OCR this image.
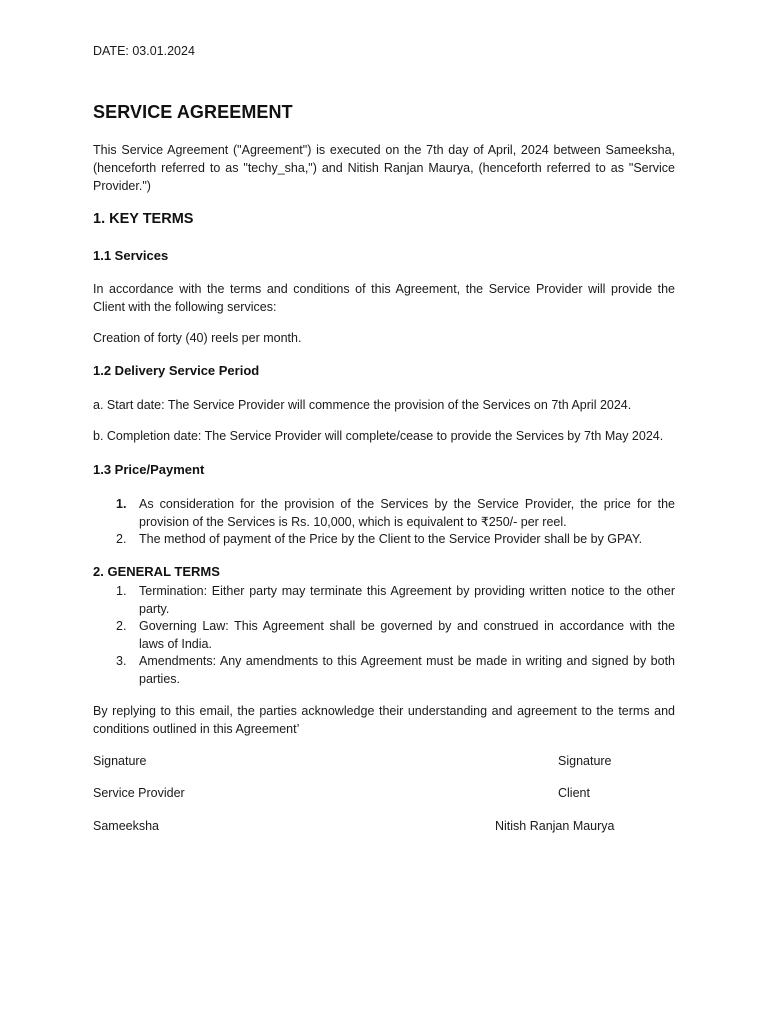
DATE: 03.01.2024
SERVICE AGREEMENT
This Service Agreement ("Agreement") is executed on the 7th day of April, 2024 between Sameeksha, (henceforth referred to as "techy_sha,") and Nitish Ranjan Maurya, (henceforth referred to as "Service Provider.")
1. KEY TERMS
1.1 Services
In accordance with the terms and conditions of this Agreement, the Service Provider will provide the Client with the following services:
Creation of forty (40) reels per month.
1.2 Delivery Service Period
a. Start date: The Service Provider will commence the provision of the Services on 7th April 2024.
b. Completion date: The Service Provider will complete/cease to provide the Services by 7th May 2024.
1.3 Price/Payment
1. As consideration for the provision of the Services by the Service Provider, the price for the provision of the Services is Rs. 10,000, which is equivalent to ₹250/- per reel.
2. The method of payment of the Price by the Client to the Service Provider shall be by GPAY.
2. GENERAL TERMS
1. Termination: Either party may terminate this Agreement by providing written notice to the other party.
2. Governing Law: This Agreement shall be governed by and construed in accordance with the laws of India.
3. Amendments: Any amendments to this Agreement must be made in writing and signed by both parties.
By replying to this email, the parties acknowledge their understanding and agreement to the terms and conditions outlined in this Agreement’
Signature	Signature
Service Provider	Client
Sameeksha	Nitish Ranjan Maurya
